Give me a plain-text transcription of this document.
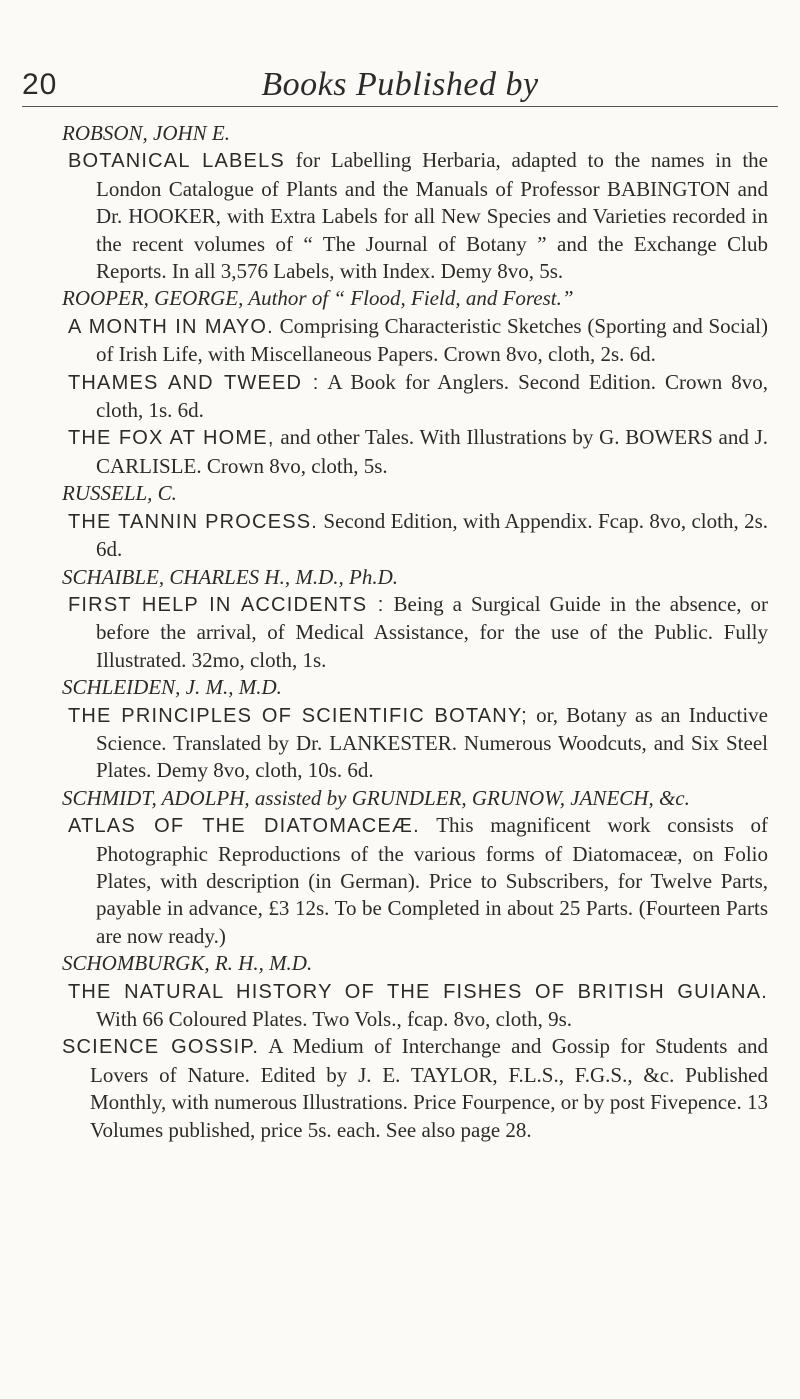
20	Books Published by

ROBSON, JOHN E.

BOTANICAL LABELS for Labelling Herbaria, adapted to the names in the London Catalogue of Plants and the Manuals of Professor BABINGTON and Dr. HOOKER, with Extra Labels for all New Species and Varieties recorded in the recent volumes of “ The Journal of Botany ” and the Exchange Club Reports. In all 3,576 Labels, with Index. Demy 8vo, 5s.

ROOPER, GEORGE, Author of “ Flood, Field, and Forest.”

A MONTH IN MAYO. Comprising Characteristic Sketches (Sporting and Social) of Irish Life, with Miscellaneous Papers. Crown 8vo, cloth, 2s. 6d.

THAMES AND TWEED : A Book for Anglers. Second Edition. Crown 8vo, cloth, 1s. 6d.

THE FOX AT HOME, and other Tales. With Illustrations by G. BOWERS and J. CARLISLE. Crown 8vo, cloth, 5s.

RUSSELL, C.

THE TANNIN PROCESS. Second Edition, with Appendix. Fcap. 8vo, cloth, 2s. 6d.

SCHAIBLE, CHARLES H., M.D., Ph.D.

FIRST HELP IN ACCIDENTS : Being a Surgical Guide in the absence, or before the arrival, of Medical Assistance, for the use of the Public. Fully Illustrated. 32mo, cloth, 1s.

SCHLEIDEN, J. M., M.D.

THE PRINCIPLES OF SCIENTIFIC BOTANY; or, Botany as an Inductive Science. Translated by Dr. LANKESTER. Numerous Woodcuts, and Six Steel Plates. Demy 8vo, cloth, 10s. 6d.

SCHMIDT, ADOLPH, assisted by GRUNDLER, GRUNOW, JANECH, &c.

ATLAS OF THE DIATOMACEÆ. This magnificent work consists of Photographic Reproductions of the various forms of Diatomaceæ, on Folio Plates, with description (in German). Price to Subscribers, for Twelve Parts, payable in advance, £3 12s. To be Completed in about 25 Parts. (Fourteen Parts are now ready.)

SCHOMBURGK, R. H., M.D.

THE NATURAL HISTORY OF THE FISHES OF BRITISH GUIANA. With 66 Coloured Plates. Two Vols., fcap. 8vo, cloth, 9s.

SCIENCE GOSSIP. A Medium of Interchange and Gossip for Students and Lovers of Nature. Edited by J. E. TAYLOR, F.L.S., F.G.S., &c. Published Monthly, with numerous Illustrations. Price Fourpence, or by post Fivepence. 13 Volumes published, price 5s. each. See also page 28.
